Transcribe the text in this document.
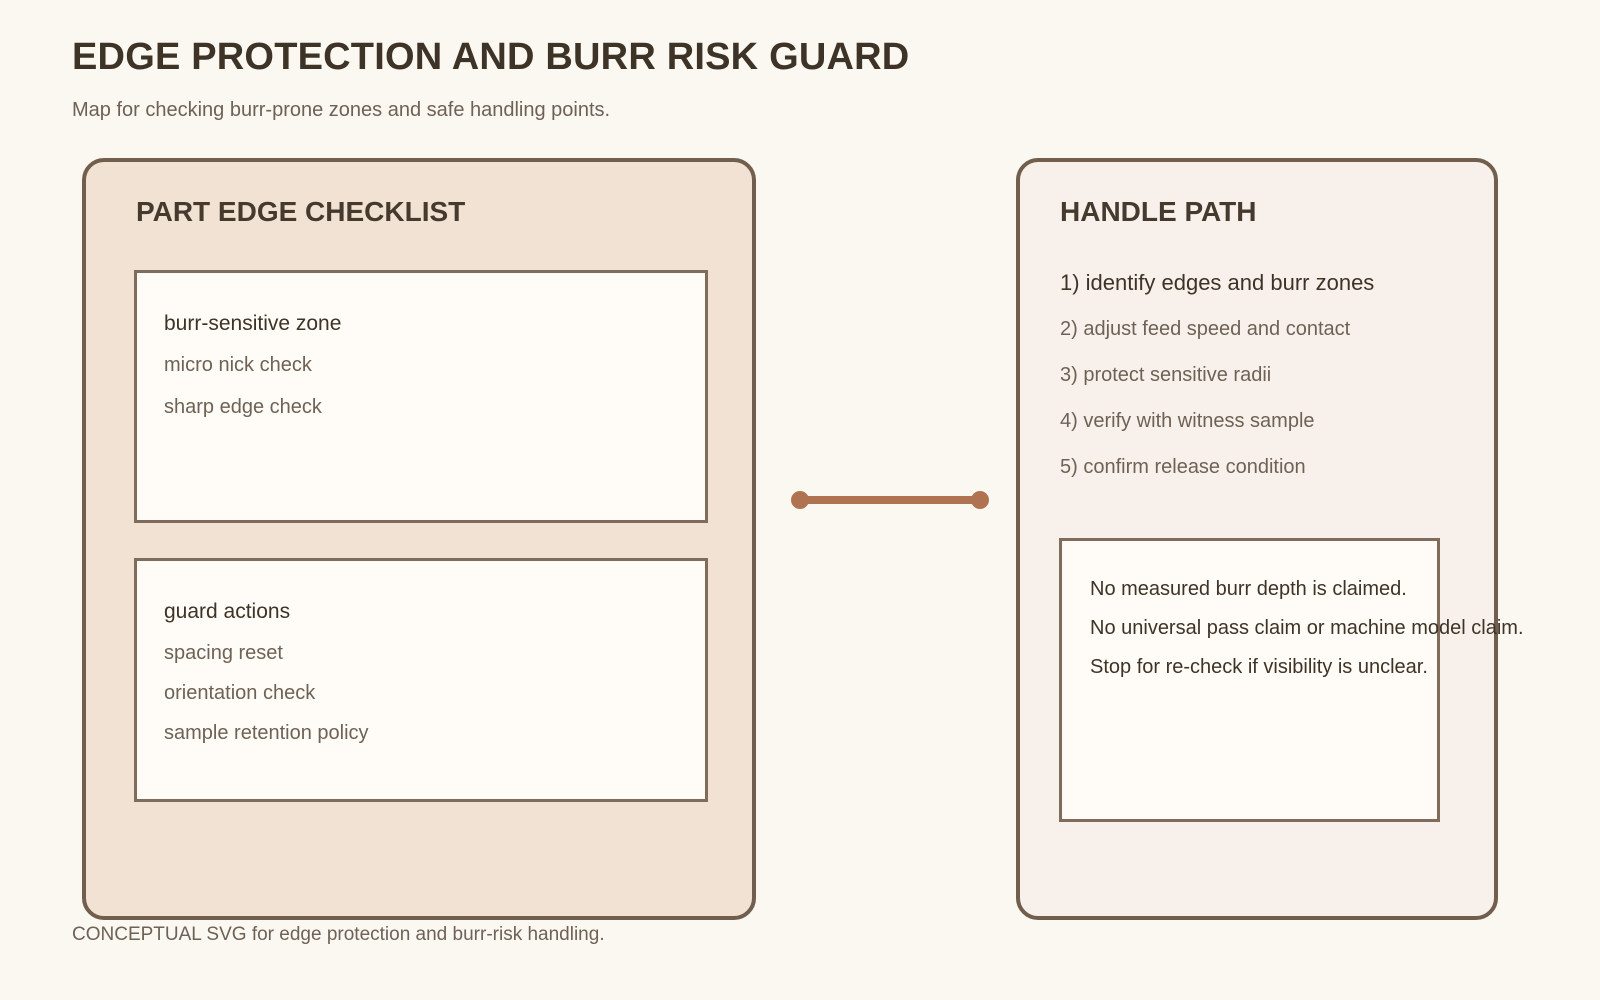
EDGE PROTECTION AND BURR RISK GUARD
Map for checking burr-prone zones and safe handling points.
PART EDGE CHECKLIST
burr-sensitive zone
micro nick check
sharp edge check
guard actions
spacing reset
orientation check
sample retention policy
HANDLE PATH
1) identify edges and burr zones
2) adjust feed speed and contact
3) protect sensitive radii
4) verify with witness sample
5) confirm release condition
No measured burr depth is claimed.
No universal pass claim or machine model claim.
Stop for re-check if visibility is unclear.
CONCEPTUAL SVG for edge protection and burr-risk handling.
